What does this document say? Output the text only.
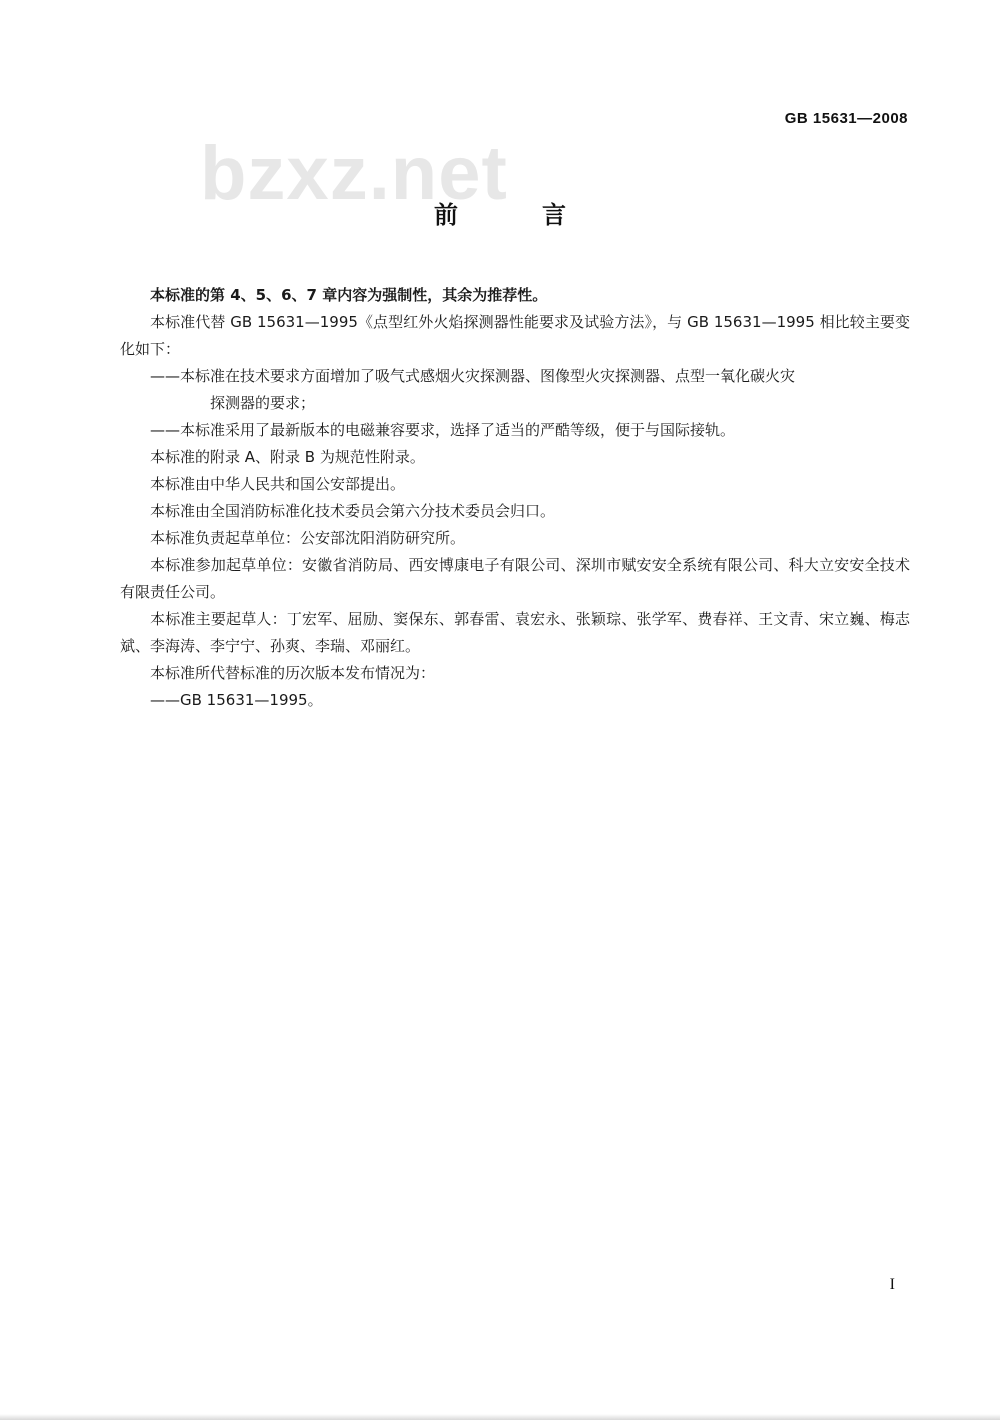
GB 15631—2008
bzxz.net
前　言

本标准的第 4、5、6、7 章内容为强制性，其余为推荐性。

本标准代替 GB 15631—1995《点型红外火焰探测器性能要求及试验方法》，与 GB 15631—1995 相比较主要变化如下：

——本标准在技术要求方面增加了吸气式感烟火灾探测器、图像型火灾探测器、点型一氧化碳火灾
探测器的要求；

——本标准采用了最新版本的电磁兼容要求，选择了适当的严酷等级，便于与国际接轨。

本标准的附录 A、附录 B 为规范性附录。

本标准由中华人民共和国公安部提出。

本标准由全国消防标准化技术委员会第六分技术委员会归口。

本标准负责起草单位：公安部沈阳消防研究所。

本标准参加起草单位：安徽省消防局、西安博康电子有限公司、深圳市赋安安全系统有限公司、科大立安安全技术有限责任公司。

本标准主要起草人：丁宏军、屈励、窦保东、郭春雷、袁宏永、张颖琮、张学军、费春祥、王文青、宋立巍、梅志斌、李海涛、李宁宁、孙爽、李瑞、邓丽红。

本标准所代替标准的历次版本发布情况为：

——GB 15631—1995。

I
